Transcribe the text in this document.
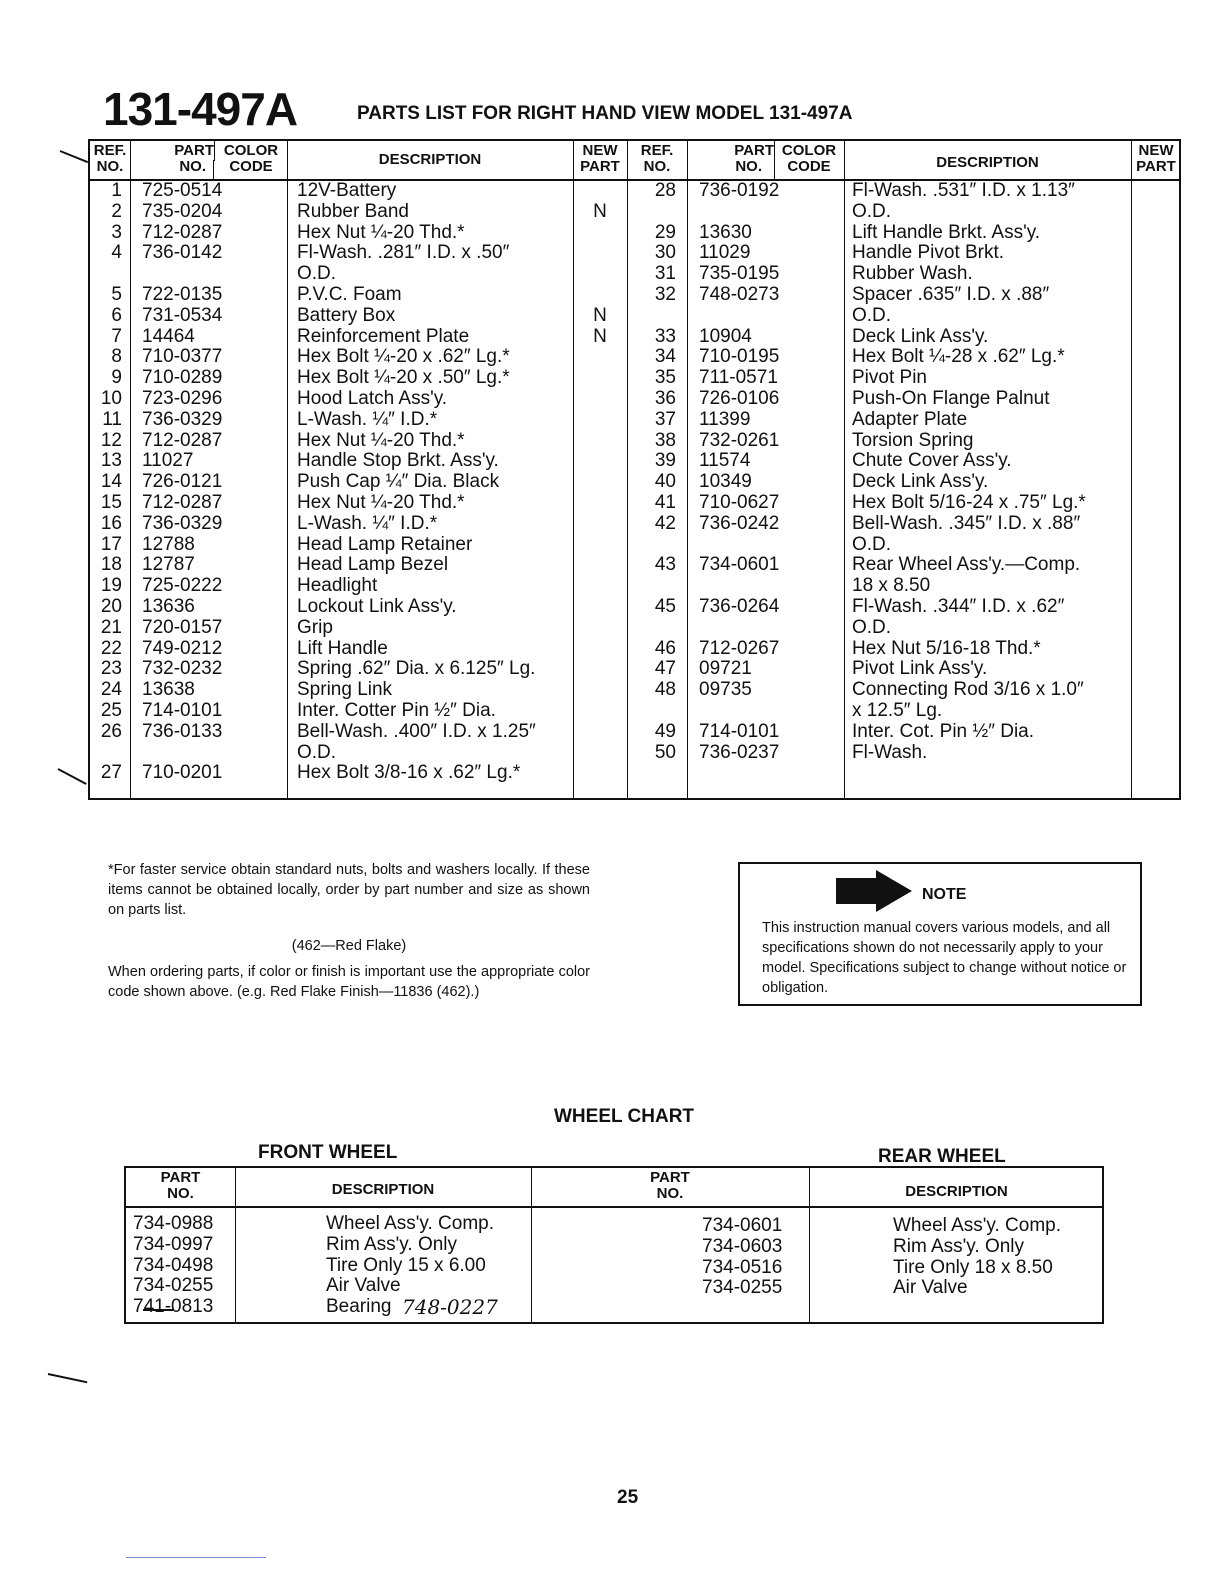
131-497A	PARTS LIST FOR RIGHT HAND VIEW MODEL 131-497A
REF.
NO.
PART
NO.
COLOR
CODE	DESCRIPTION
NEW
PART
REF.
NO.
PART
NO.
COLOR
CODE	DESCRIPTION
NEW
PART
1 725-0514	12V-Battery
2 735-0204	Rubber Band	N
3 712-0287	Hex Nut ¼-20 Thd.*
4 736-0142	Fl-Wash. .281″ I.D. x .50″
O.D.
5 722-0135	P.V.C. Foam
6 731-0534	Battery Box	N
7 14464	Reinforcement Plate	N
8 710-0377	Hex Bolt ¼-20 x .62″ Lg.*
9 710-0289	Hex Bolt ¼-20 x .50″ Lg.*
10 723-0296	Hood Latch Ass'y.
11 736-0329	L-Wash. ¼″ I.D.*
12 712-0287	Hex Nut ¼-20 Thd.*
13 11027	Handle Stop Brkt. Ass'y.
14 726-0121	Push Cap ¼″ Dia. Black
15 712-0287	Hex Nut ¼-20 Thd.*
16 736-0329	L-Wash. ¼″ I.D.*
17 12788	Head Lamp Retainer
18 12787	Head Lamp Bezel
19 725-0222	Headlight
20 13636	Lockout Link Ass'y.
21 720-0157	Grip
22 749-0212	Lift Handle
23 732-0232	Spring .62″ Dia. x 6.125″ Lg.
24 13638	Spring Link
25 714-0101	Inter. Cotter Pin ½″ Dia.
26 736-0133	Bell-Wash. .400″ I.D. x 1.25″
O.D.
27 710-0201	Hex Bolt 3/8-16 x .62″ Lg.*
28 736-0192	Fl-Wash. .531″ I.D. x 1.13″
O.D.
29 13630	Lift Handle Brkt. Ass'y.
30 11029	Handle Pivot Brkt.
31 735-0195	Rubber Wash.
32 748-0273	Spacer .635″ I.D. x .88″
O.D.
33 10904	Deck Link Ass'y.
34 710-0195	Hex Bolt ¼-28 x .62″ Lg.*
35 711-0571	Pivot Pin
36 726-0106	Push-On Flange Palnut
37 11399	Adapter Plate
38 732-0261	Torsion Spring
39 11574	Chute Cover Ass'y.
40 10349	Deck Link Ass'y.
41 710-0627	Hex Bolt 5/16-24 x .75″ Lg.*
42 736-0242	Bell-Wash. .345″ I.D. x .88″
O.D.
43 734-0601	Rear Wheel Ass'y.—Comp.
18 x 8.50
45 736-0264	Fl-Wash. .344″ I.D. x .62″
O.D.
46 712-0267	Hex Nut 5/16-18 Thd.*
47 09721	Pivot Link Ass'y.
48 09735	Connecting Rod 3/16 x 1.0″
x 12.5″ Lg.
49 714-0101	Inter. Cot. Pin ½″ Dia.
50 736-0237	Fl-Wash.

*For faster service obtain standard nuts, bolts and washers locally. If these items cannot be obtained locally, order by part number and size as shown on parts list.

(462—Red Flake)

When ordering parts, if color or finish is important use the appropriate color code shown above. (e.g. Red Flake Finish—11836 (462).)

NOTE
This instruction manual covers various models, and all specifications shown do not necessarily apply to your model. Specifications subject to change without notice or obligation.
WHEEL CHART
FRONT WHEEL	REAR WHEEL
PART
NO.	DESCRIPTION
PART
NO.	DESCRIPTION
734-0988	Wheel Ass'y. Comp.
734-0997	Rim Ass'y. Only
734-0498	Tire Only 15 x 6.00
734-0255	Air Valve
741-0813	Bearing
734-0601	Wheel Ass'y. Comp.
734-0603	Rim Ass'y. Only
734-0516	Tire Only 18 x 8.50
734-0255	Air Valve
748-0227
25
